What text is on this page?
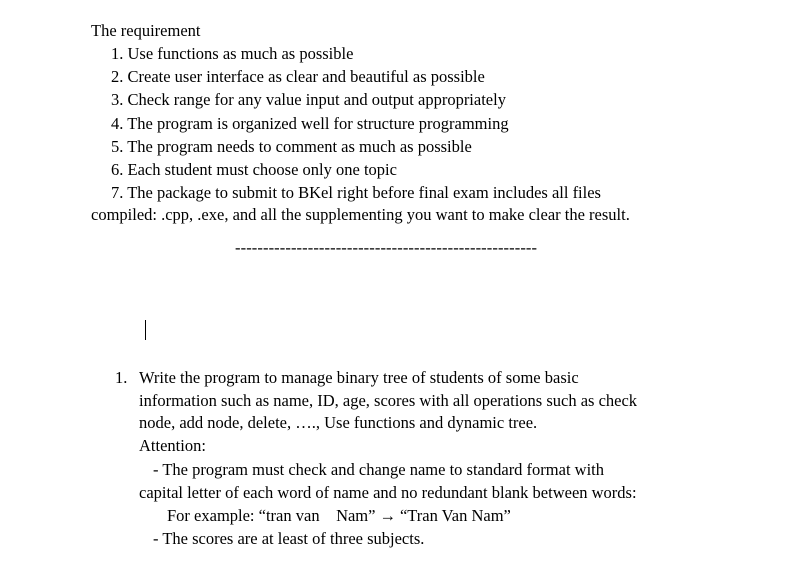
The requirement
1. Use functions as much as possible
2. Create user interface as clear and beautiful as possible
3. Check range for any value input and output appropriately
4. The program is organized well for structure programming
5. The program needs to comment as much as possible
6. Each student must choose only one topic
7. The package to submit to BKel right before final exam includes all files
compiled: .cpp, .exe, and all the supplementing you want to make clear the result.
------------------------------------------------------
1. Write the program to manage binary tree of students of some basic
information such as name, ID, age, scores with all operations such as check
node, add node, delete, …., Use functions and dynamic tree.
Attention:
- The program must check and change name to standard format with
capital letter of each word of name and no redundant blank between words:
For example: “tran van    Nam” → “Tran Van Nam”
- The scores are at least of three subjects.
